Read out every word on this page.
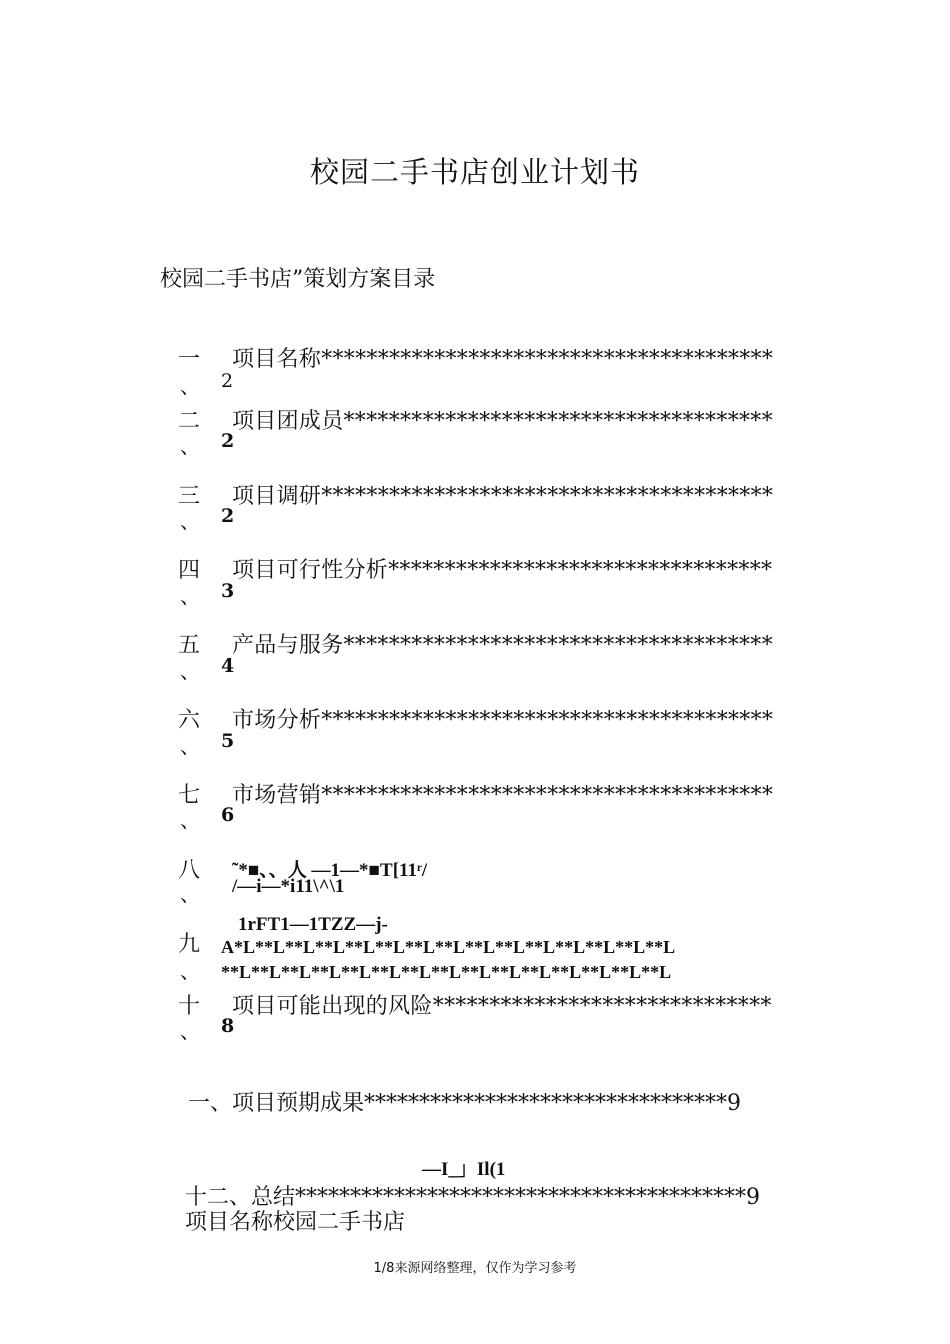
校园二手书店创业计划书
校园二手书店”策划方案目录
一 项目名称****************************************
、 2
二 项目团成员**************************************
、 2
三 项目调研****************************************
、 2
四 项目可行性分析**********************************
、 3
五 产品与服务**************************************
、 4
六 市场分析****************************************
、 5
七 市场营销****************************************
、 6
八 ˜*■、、人 —1—*■T[11ʳ/
、 /—i—*i11\^\1
九
1rFT1—1TZZ—j-
A*L**L**L**L**L**L**L**L**L**L**L**L**L**L**L
、 **L**L**L**L**L**L**L**L**L**L**L**L**L**L**L
十 项目可能出现的风险******************************
、 8
一、项目预期成果*********************************9
—I_」Il(1
十二、总结*****************************************9
项目名称校园二手书店
1/8来源网络整理，仅作为学习参考
